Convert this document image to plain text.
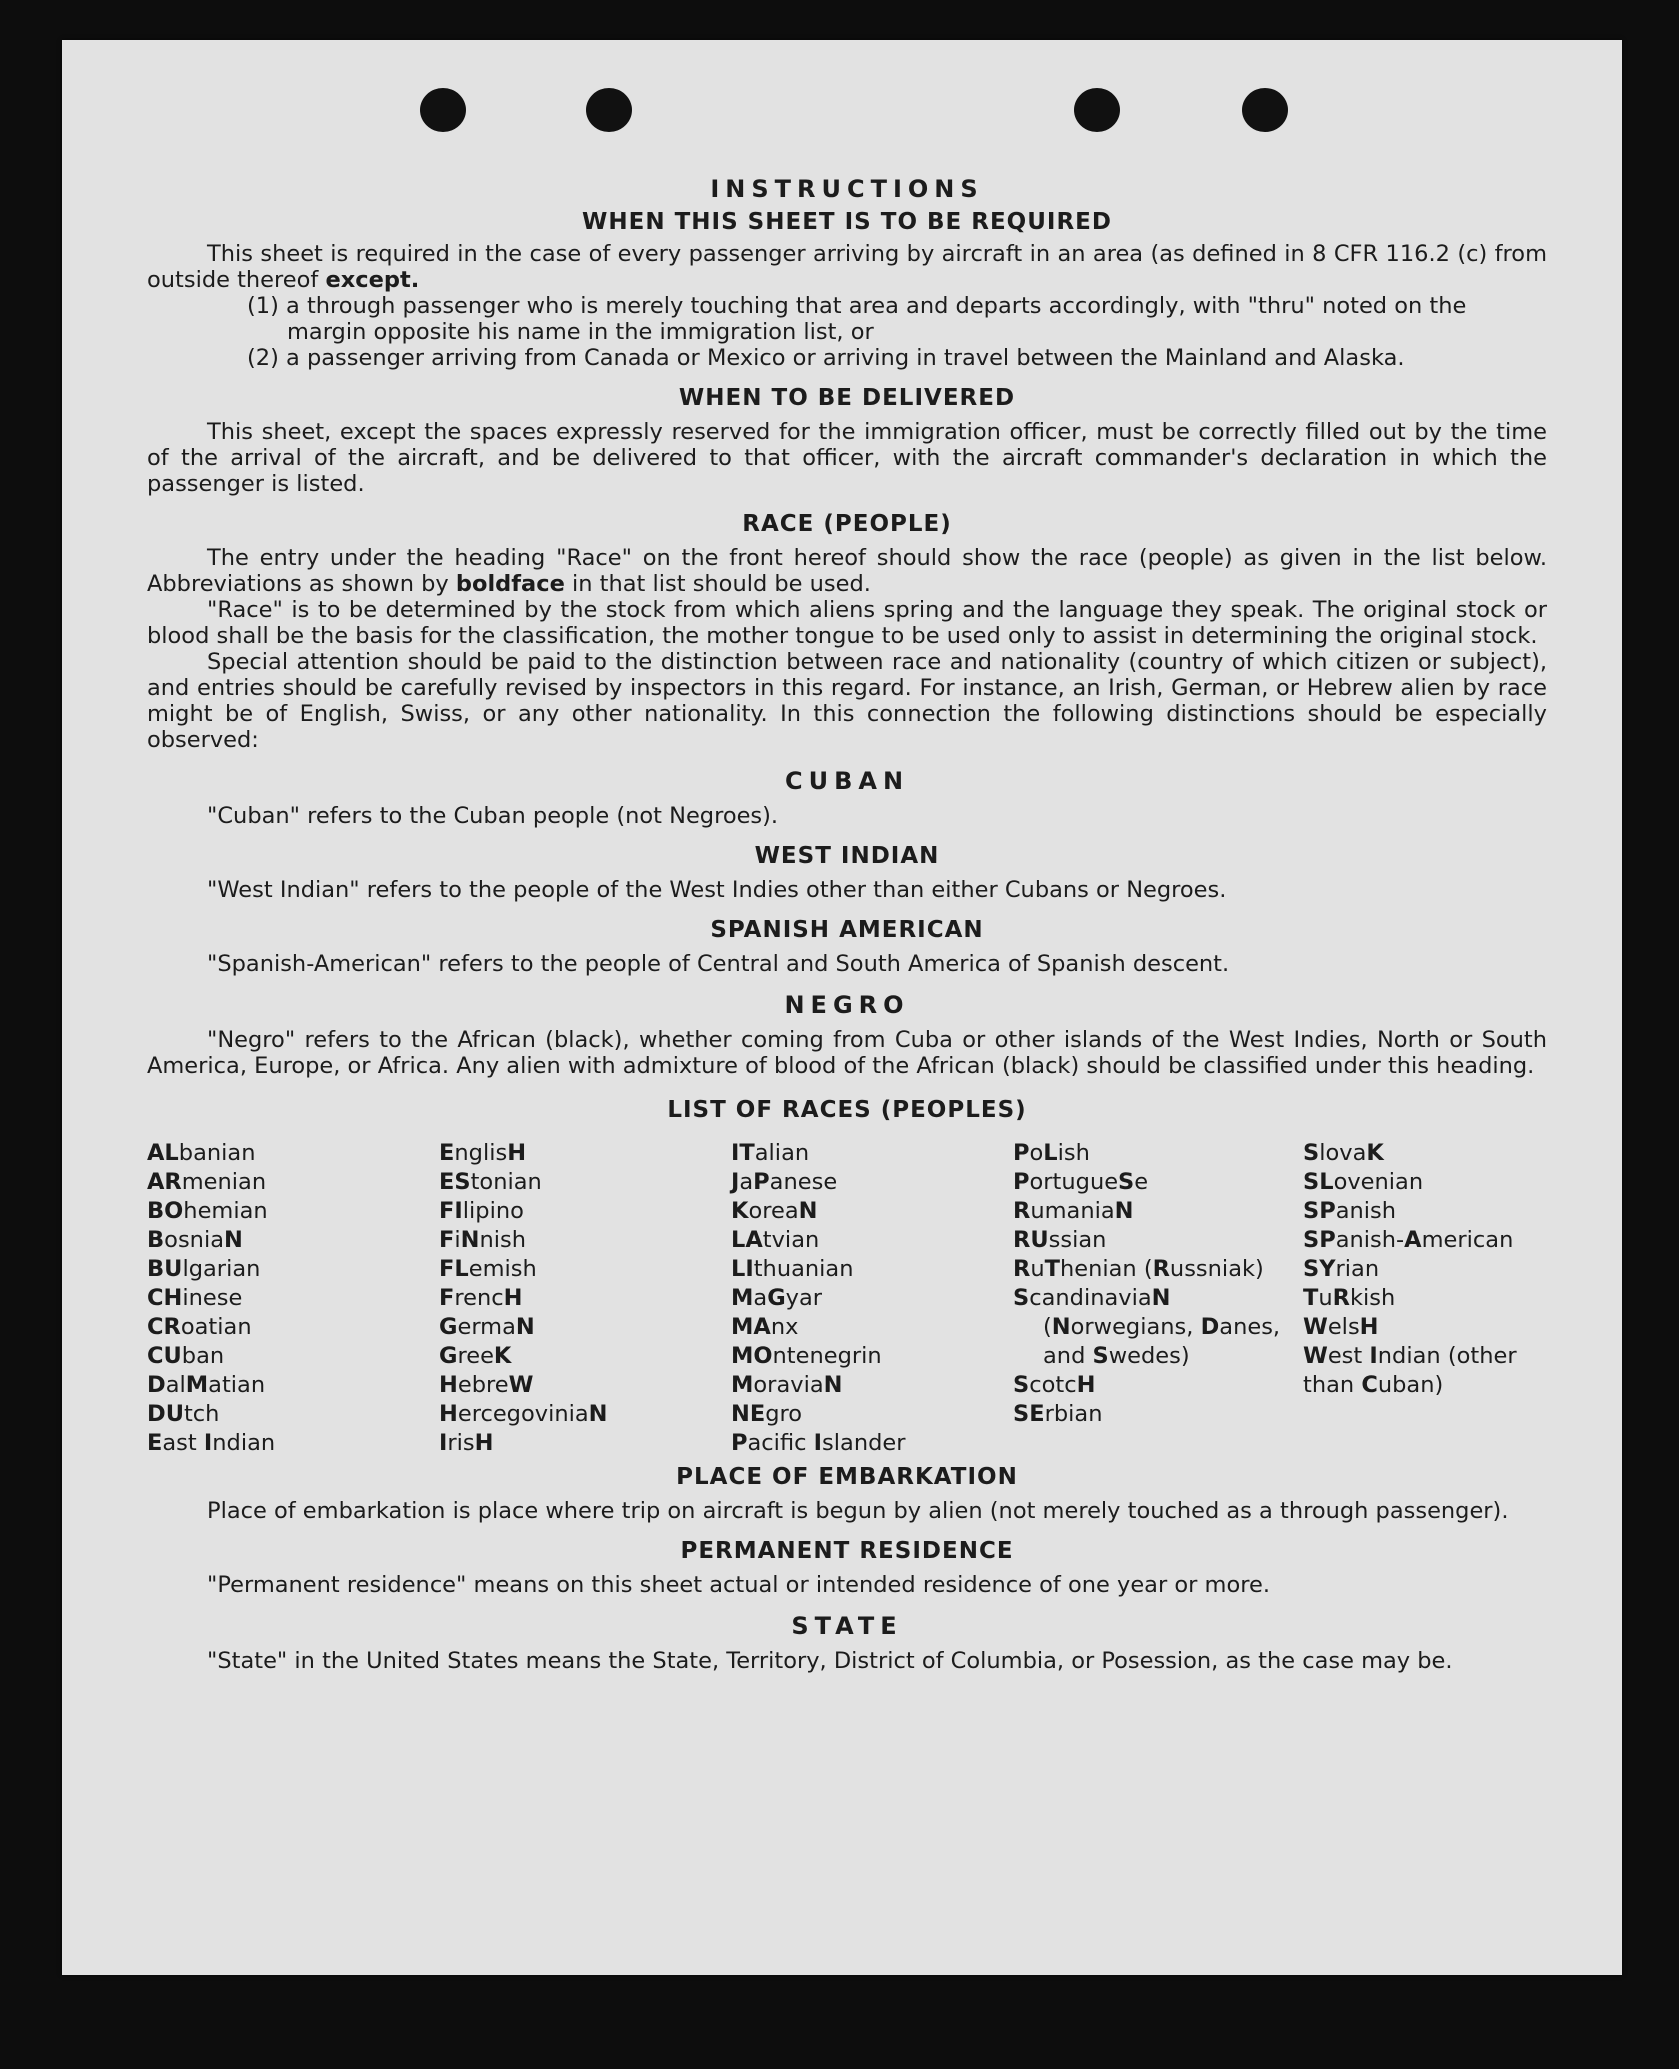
INSTRUCTIONS
WHEN THIS SHEET IS TO BE REQUIRED

This sheet is required in the case of every passenger arriving by aircraft in an area (as defined in 8 CFR 116.2 (c) from outside thereof except.

(1) a through passenger who is merely touching that area and departs accordingly, with "thru" noted on the margin opposite his name in the immigration list, or
(2) a passenger arriving from Canada or Mexico or arriving in travel between the Mainland and Alaska.
WHEN TO BE DELIVERED

This sheet, except the spaces expressly reserved for the immigration officer, must be correctly filled out by the time of the arrival of the aircraft, and be delivered to that officer, with the aircraft commander's declaration in which the passenger is listed.

RACE (PEOPLE)

The entry under the heading "Race" on the front hereof should show the race (people) as given in the list below. Abbreviations as shown by boldface in that list should be used.

"Race" is to be determined by the stock from which aliens spring and the language they speak. The original stock or blood shall be the basis for the classification, the mother tongue to be used only to assist in determining the original stock.

Special attention should be paid to the distinction between race and nationality (country of which citizen or subject), and entries should be carefully revised by inspectors in this regard. For instance, an Irish, German, or Hebrew alien by race might be of English, Swiss, or any other nationality. In this connection the following distinctions should be especially observed:

CUBAN

"Cuban" refers to the Cuban people (not Negroes).

WEST INDIAN

"West Indian" refers to the people of the West Indies other than either Cubans or Negroes.

SPANISH AMERICAN

"Spanish-American" refers to the people of Central and South America of Spanish descent.

NEGRO

"Negro" refers to the African (black), whether coming from Cuba or other islands of the West Indies, North or South America, Europe, or Africa. Any alien with admixture of blood of the African (black) should be classified under this heading.

LIST OF RACES (PEOPLES)
ALbanian
ARmenian
BOhemian
BosniaN
BUlgarian
CHinese
CRoatian
CUban
DalMatian
DUtch
East Indian
EnglisH
EStonian
FIlipino
FiNnish
FLemish
FrencH
GermaN
GreeK
HebreW
HercegoviniaN
IrisH
ITalian
JaPanese
KoreaN
LAtvian
LIthuanian
MaGyar
MAnx
MOntenegrin
MoraviaN
NEgro
Pacifc Islander
PoLish
PortugueSe
RumaniaN
RUssian
RuThenian (Russniak)
ScandinaviaN
(Norwegians, Danes, and Swedes)
ScotcH
SErbian
SlovaK
SLovenian
SPanish
SPanish-American
SYrian
TuRkish
WelsH
West Indian (other than Cuban)
PLACE OF EMBARKATION

Place of embarkation is place where trip on aircraft is begun by alien (not merely touched as a through passenger).

PERMANENT RESIDENCE

"Permanent residence" means on this sheet actual or intended residence of one year or more.

STATE

"State" in the United States means the State, Territory, District of Columbia, or Posession, as the case may be.
